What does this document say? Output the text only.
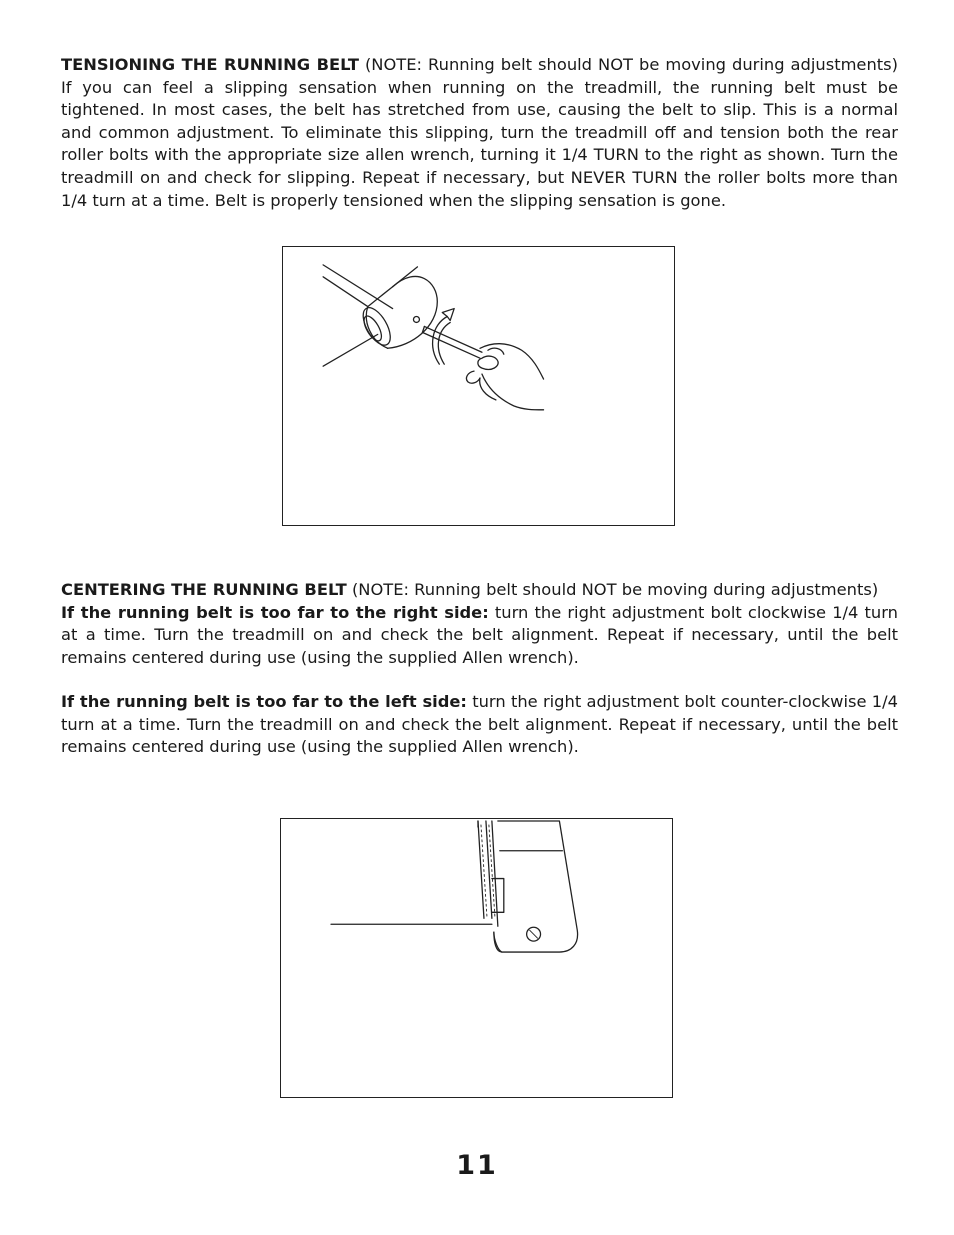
TENSIONING THE RUNNING BELT (NOTE: Running belt should NOT be moving during adjustments) If you can feel a slipping sensation when running on the treadmill, the running belt must be tightened. In most cases, the belt has stretched from use, causing the belt to slip. This is a normal and common adjustment. To eliminate this slipping, turn the treadmill off and tension both the rear roller bolts with the appropriate size allen wrench, turning it 1/4 TURN to the right as shown. Turn the treadmill on and check for slipping. Repeat if necessary, but NEVER TURN the roller bolts more than 1/4 turn at a time. Belt is properly tensioned when the slipping sensation is gone.

CENTERING THE RUNNING BELT (NOTE: Running belt should NOT be moving during adjustments)

If the running belt is too far to the right side: turn the right adjustment bolt clockwise 1/4 turn at a time. Turn the treadmill on and check the belt alignment. Repeat if necessary, until the belt remains centered during use (using the supplied Allen wrench).

If the running belt is too far to the left side: turn the right adjustment bolt counter-clockwise 1/4 turn at a time. Turn the treadmill on and check the belt alignment. Repeat if necessary, until the belt remains centered during use (using the supplied Allen wrench).

11
